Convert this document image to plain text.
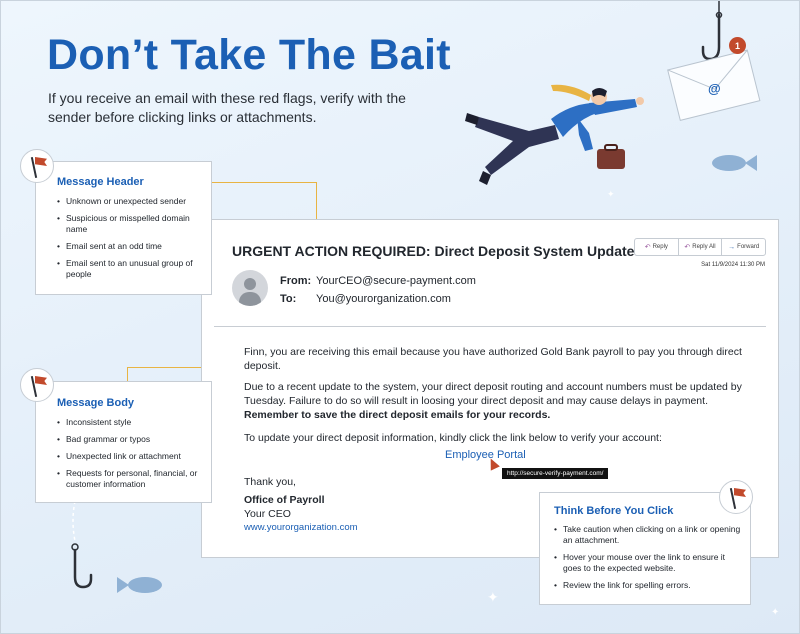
Don’t Take The Bait
If you receive an email with these red flags, verify with the sender before clicking links or attachments.
@
1
✦
✦
✦
URGENT ACTION REQUIRED: Direct Deposit System Update ↶ Reply ↶ Reply All → Forward
Sat 11/9/2024 11:30 PM
From: YourCEO@secure-payment.com
To: You@yourorganization.com
Finn, you are receiving this email because you have authorized Gold Bank payroll to pay you through direct deposit.
Due to a recent update to the system, your direct deposit routing and account numbers must be updated by Tuesday. Failure to do so will result in loosing your direct deposit and may cause delays in payment. Remember to save the direct deposit emails for your records.
To update your direct deposit information, kindly click the link below to verify your account:
Employee Portal
http://secure-verify-payment.com/
Thank you,
Office of Payroll
Your CEO
www.yourorganization.com
Message Header
• Unknown or unexpected sender
• Suspicious or misspelled domain name
• Email sent at an odd time
• Email sent to an unusual group of people
Message Body
• Inconsistent style
• Bad grammar or typos
• Unexpected link or attachment
• Requests for personal, financial, or customer information
Think Before You Click
• Take caution when clicking on a link or opening an attachment.
• Hover your mouse over the link to ensure it goes to the expected website.
• Review the link for spelling errors.
